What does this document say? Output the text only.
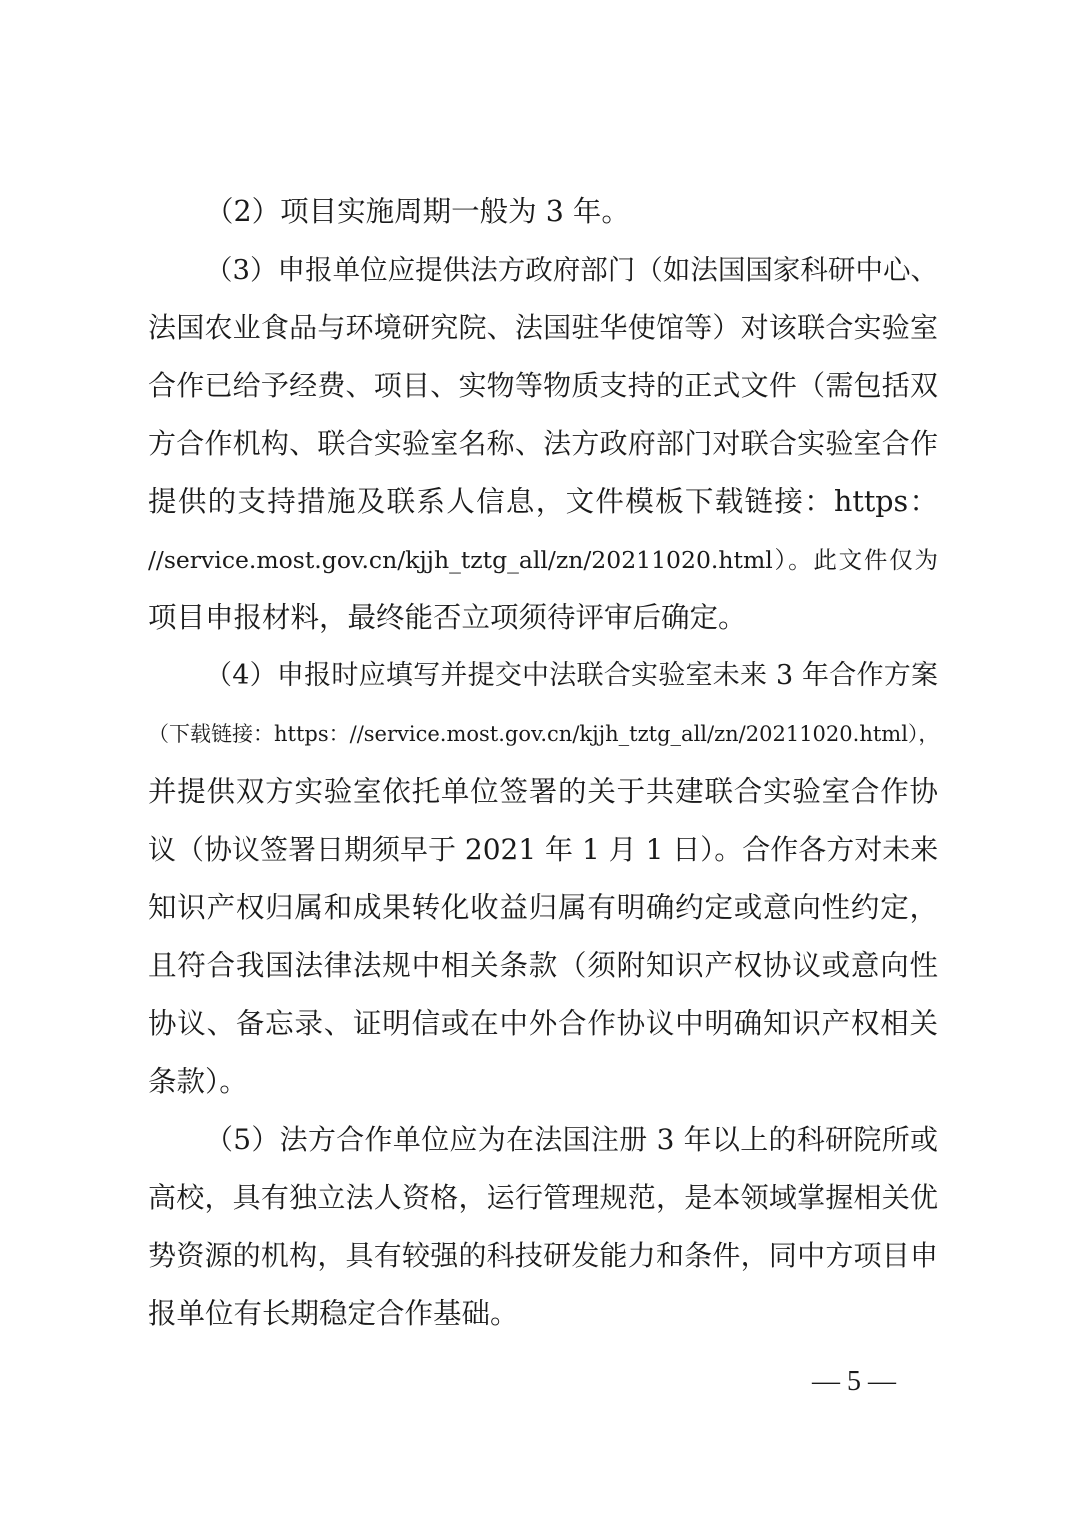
（2）项目实施周期一般为 3 年。
（3）申报单位应提供法方政府部门（如法国国家科研中心、
法国农业食品与环境研究院、法国驻华使馆等）对该联合实验室
合作已给予经费、项目、实物等物质支持的正式文件（需包括双
方合作机构、联合实验室名称、法方政府部门对联合实验室合作
提供的支持措施及联系人信息，文件模板下载链接：https：
//service.most.gov.cn/kjjh_tztg_all/zn/20211020.html）。此文件仅为
项目申报材料，最终能否立项须待评审后确定。
（4）申报时应填写并提交中法联合实验室未来 3 年合作方案
（下载链接：https：//service.most.gov.cn/kjjh_tztg_all/zn/20211020.html），
并提供双方实验室依托单位签署的关于共建联合实验室合作协
议（协议签署日期须早于 2021 年 1 月 1 日）。合作各方对未来
知识产权归属和成果转化收益归属有明确约定或意向性约定，
且符合我国法律法规中相关条款（须附知识产权协议或意向性
协议、备忘录、证明信或在中外合作协议中明确知识产权相关
条款）。
（5）法方合作单位应为在法国注册 3 年以上的科研院所或
高校，具有独立法人资格，运行管理规范，是本领域掌握相关优
势资源的机构，具有较强的科技研发能力和条件，同中方项目申
报单位有长期稳定合作基础。
— 5 —
